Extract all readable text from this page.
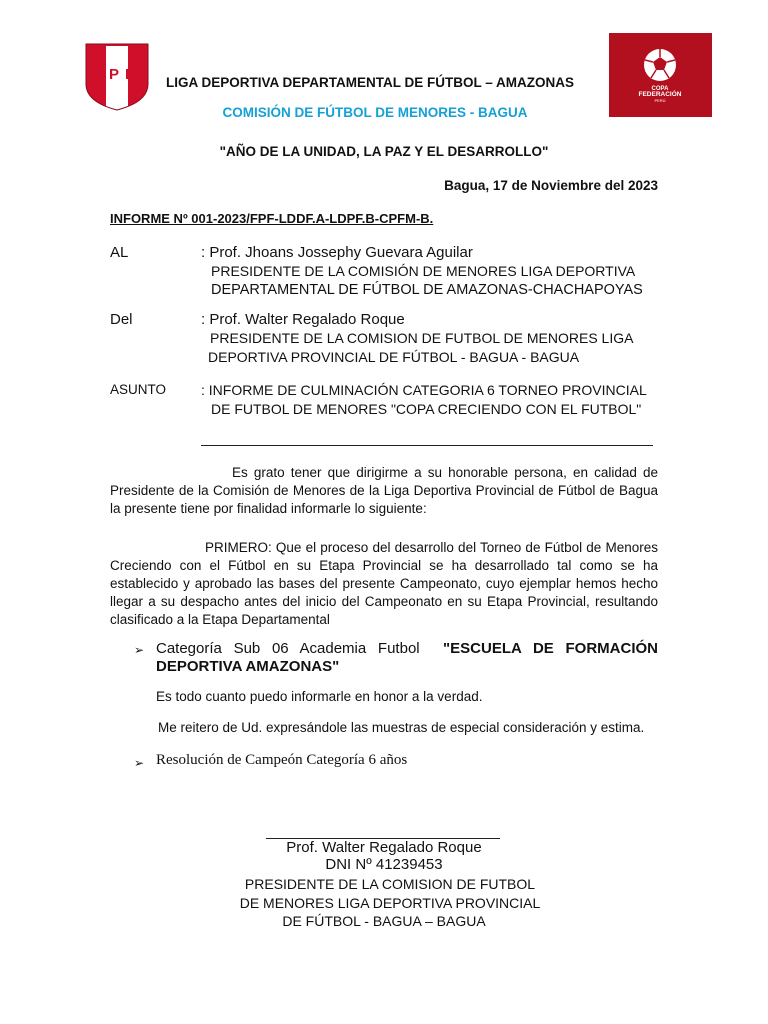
FPF
COPA
FEDERACIÓN
PERÚ
LIGA DEPORTIVA DEPARTAMENTAL DE FÚTBOL – AMAZONAS
COMISIÓN DE FÚTBOL DE MENORES - BAGUA
"AÑO DE LA UNIDAD, LA PAZ Y EL DESARROLLO"
Bagua, 17 de Noviembre del 2023
INFORME Nº 001-2023/FPF-LDDF.A-LDPF.B-CPFM-B.
AL	: Prof. Jhoans Jossephy Guevara Aguilar
PRESIDENTE DE LA COMISIÓN DE MENORES LIGA DEPORTIVA
DEPARTAMENTAL DE FÚTBOL DE AMAZONAS-CHACHAPOYAS
Del	: Prof. Walter Regalado Roque
PRESIDENTE DE LA COMISION DE FUTBOL DE MENORES LIGA
DEPORTIVA PROVINCIAL DE FÚTBOL - BAGUA - BAGUA
ASUNTO : INFORME DE CULMINACIÓN CATEGORIA 6 TORNEO PROVINCIAL
DE FUTBOL DE MENORES "COPA CRECIENDO CON EL FUTBOL"
Es grato tener que dirigirme a su honorable persona, en calidad de
Presidente de la Comisión de Menores de la Liga Deportiva Provincial de Fútbol de Bagua la presente tiene por finalidad informarle lo siguiente:
PRIMERO: Que el proceso del desarrollo del Torneo de Fútbol de Menores
Creciendo con el Fútbol en su Etapa Provincial se ha desarrollado tal como se ha establecido y aprobado las bases del presente Campeonato, cuyo ejemplar hemos hecho llegar a su despacho antes del inicio del Campeonato en su Etapa Provincial, resultando clasificado a la Etapa Departamental
➢ Categoría Sub 06 Academia Futbol "ESCUELA DE FORMACIÓN DEPORTIVA AMAZONAS"
Es todo cuanto puedo informarle en honor a la verdad.
Me reitero de Ud. expresándole las muestras de especial consideración y estima.
➢ Resolución de Campeón Categoría 6 años
Prof. Walter Regalado Roque
DNI Nº 41239453
PRESIDENTE DE LA COMISION DE FUTBOL
DE MENORES LIGA DEPORTIVA PROVINCIAL
DE FÚTBOL - BAGUA – BAGUA
